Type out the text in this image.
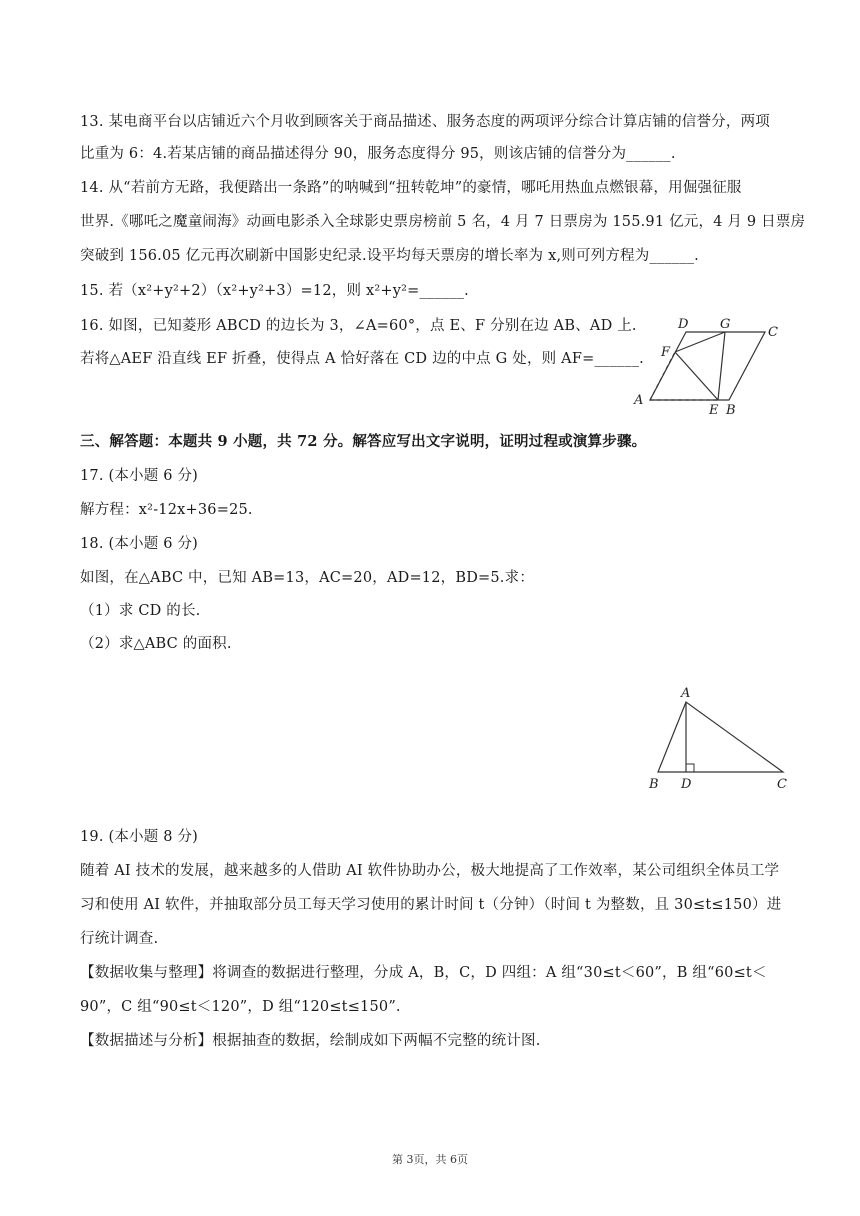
13. 某电商平台以店铺近六个月收到顾客关于商品描述、服务态度的两项评分综合计算店铺的信誉分，两项
比重为 6：4.若某店铺的商品描述得分 90，服务态度得分 95，则该店铺的信誉分为______.
14. 从“若前方无路，我便踏出一条路”的呐喊到“扭转乾坤”的豪情，哪吒用热血点燃银幕，用倔强征服
世界.《哪吒之魔童闹海》动画电影杀入全球影史票房榜前 5 名，4 月 7 日票房为 155.91 亿元，4 月 9 日票房
突破到 156.05 亿元再次刷新中国影史纪录.设平均每天票房的增长率为 x,则可列方程为______.
15. 若（x²+y²+2）（x²+y²+3）=12，则 x²+y²=______.
16. 如图，已知菱形 ABCD 的边长为 3，∠A=60°，点 E、F 分别在边 AB、AD 上.
若将△AEF 沿直线 EF 折叠，使得点 A 恰好落在 CD 边的中点 G 处，则 AF=______.
D G
C
F
A
E B
三、解答题：本题共 9 小题，共 72 分。解答应写出文字说明，证明过程或演算步骤。
17. (本小题 6 分)
解方程：x²-12x+36=25.
18. (本小题 6 分)
如图，在△ABC 中，已知 AB=13，AC=20，AD=12，BD=5.求：
（1）求 CD 的长.
（2）求△ABC 的面积.
A
B D	C
19. (本小题 8 分)
随着 AI 技术的发展，越来越多的人借助 AI 软件协助办公，极大地提高了工作效率，某公司组织全体员工学
习和使用 AI 软件，并抽取部分员工每天学习使用的累计时间 t（分钟）（时间 t 为整数，且 30≤t≤150）进
行统计调查.
【数据收集与整理】将调查的数据进行整理，分成 A，B，C，D 四组：A 组“30≤t＜60”，B 组“60≤t＜
90”，C 组“90≤t＜120”，D 组“120≤t≤150”.
【数据描述与分析】根据抽查的数据，绘制成如下两幅不完整的统计图.
第 3页，共 6页
